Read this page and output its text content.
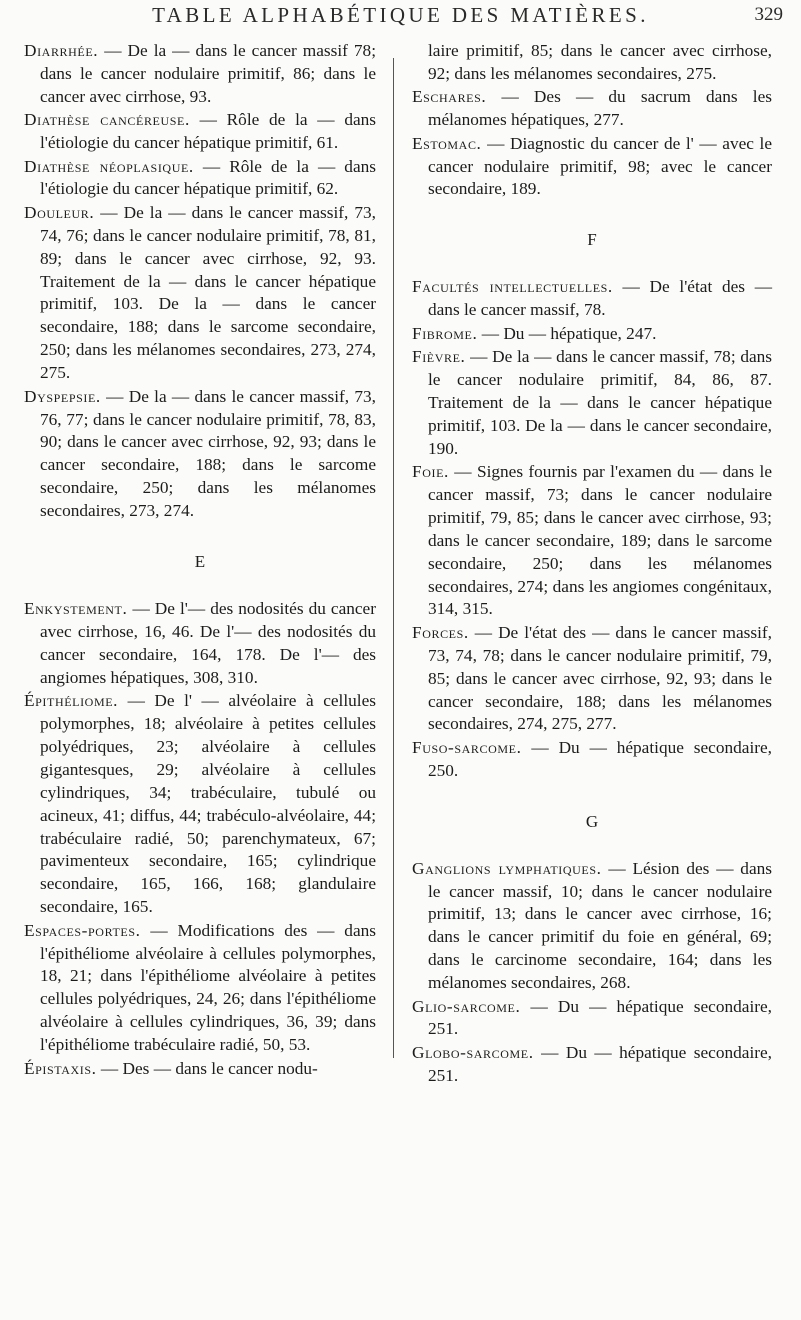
TABLE ALPHABÉTIQUE DES MATIÈRES.	329
Diarrhée. — De la — dans le cancer massif 78; dans le cancer nodulaire primitif, 86; dans le cancer avec cirrhose, 93.
Diathèse cancéreuse. — Rôle de la — dans l'étiologie du cancer hépatique primitif, 61.
Diathèse néoplasique. — Rôle de la — dans l'étiologie du cancer hépatique primitif, 62.
Douleur. — De la — dans le cancer massif, 73, 74, 76; dans le cancer nodulaire primitif, 78, 81, 89; dans le cancer avec cirrhose, 92, 93. Traitement de la — dans le cancer hépatique primitif, 103. De la — dans le cancer secondaire, 188; dans le sarcome secondaire, 250; dans les mélanomes secondaires, 273, 274, 275.
Dyspepsie. — De la — dans le cancer massif, 73, 76, 77; dans le cancer nodulaire primitif, 78, 83, 90; dans le cancer avec cirrhose, 92, 93; dans le cancer secondaire, 188; dans le sarcome secondaire, 250; dans les mélanomes secondaires, 273, 274.
E
Enkystement. — De l'— des nodosités du cancer avec cirrhose, 16, 46. De l'— des nodosités du cancer secondaire, 164, 178. De l'— des angiomes hépatiques, 308, 310.
Épithéliome. — De l' — alvéolaire à cellules polymorphes, 18; alvéolaire à petites cellules polyédriques, 23; alvéolaire à cellules gigantesques, 29; alvéolaire à cellules cylindriques, 34; trabéculaire, tubulé ou acineux, 41; diffus, 44; trabéculo-alvéolaire, 44; trabéculaire radié, 50; parenchymateux, 67; pavimenteux secondaire, 165; cylindrique secondaire, 165, 166, 168; glandulaire secondaire, 165.
Espaces-portes. — Modifications des — dans l'épithéliome alvéolaire à cellules polymorphes, 18, 21; dans l'épithéliome alvéolaire à petites cellules polyédriques, 24, 26; dans l'épithéliome alvéolaire à cellules cylindriques, 36, 39; dans l'épithéliome trabéculaire radié, 50, 53.
Épistaxis. — Des — dans le cancer nodu-
laire primitif, 85; dans le cancer avec cirrhose, 92; dans les mélanomes secondaires, 275.
Eschares. — Des — du sacrum dans les mélanomes hépatiques, 277.
Estomac. — Diagnostic du cancer de l' — avec le cancer nodulaire primitif, 98; avec le cancer secondaire, 189.
F
Facultés intellectuelles. — De l'état des — dans le cancer massif, 78.
Fibrome. — Du — hépatique, 247.
Fièvre. — De la — dans le cancer massif, 78; dans le cancer nodulaire primitif, 84, 86, 87. Traitement de la — dans le cancer hépatique primitif, 103. De la — dans le cancer secondaire, 190.
Foie. — Signes fournis par l'examen du — dans le cancer massif, 73; dans le cancer nodulaire primitif, 79, 85; dans le cancer avec cirrhose, 93; dans le cancer secondaire, 189; dans le sarcome secondaire, 250; dans les mélanomes secondaires, 274; dans les angiomes congénitaux, 314, 315.
Forces. — De l'état des — dans le cancer massif, 73, 74, 78; dans le cancer nodulaire primitif, 79, 85; dans le cancer avec cirrhose, 92, 93; dans le cancer secondaire, 188; dans les mélanomes secondaires, 274, 275, 277.
Fuso-sarcome. — Du — hépatique secondaire, 250.
G
Ganglions lymphatiques. — Lésion des — dans le cancer massif, 10; dans le cancer nodulaire primitif, 13; dans le cancer avec cirrhose, 16; dans le cancer primitif du foie en général, 69; dans le carcinome secondaire, 164; dans les mélanomes secondaires, 268.
Glio-sarcome. — Du — hépatique secondaire, 251.
Globo-sarcome. — Du — hépatique secondaire, 251.
